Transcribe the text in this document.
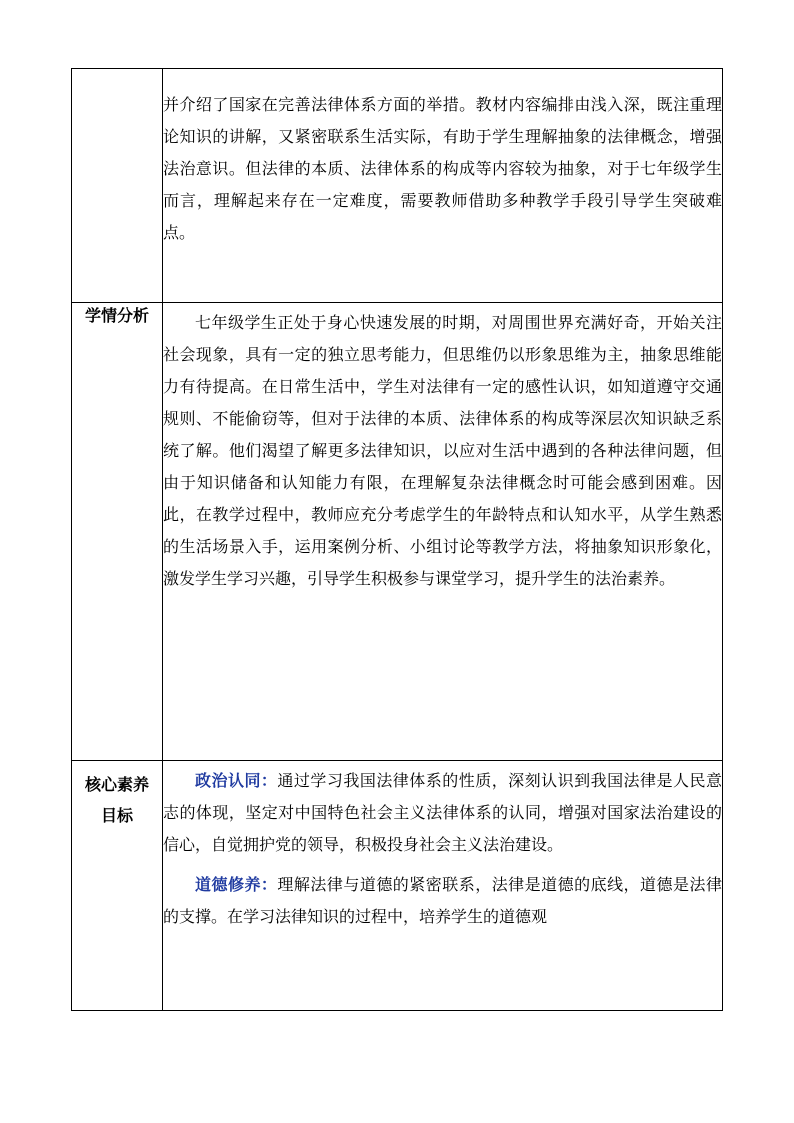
	并介绍了国家在完善法律体系方面的举措。教材内容编排由浅入深，既注重理论知识的讲解，又紧密联系生活实际，有助于学生理解抽象的法律概念，增强法治意识。但法律的本质、法律体系的构成等内容较为抽象，对于七年级学生而言，理解起来存在一定难度，需要教师借助多种教学手段引导学生突破难点。

学情分析	七年级学生正处于身心快速发展的时期，对周围世界充满好奇，开始关注社会现象，具有一定的独立思考能力，但思维仍以形象思维为主，抽象思维能力有待提高。在日常生活中，学生对法律有一定的感性认识，如知道遵守交通规则、不能偷窃等，但对于法律的本质、法律体系的构成等深层次知识缺乏系统了解。他们渴望了解更多法律知识，以应对生活中遇到的各种法律问题，但由于知识储备和认知能力有限，在理解复杂法律概念时可能会感到困难。因此，在教学过程中，教师应充分考虑学生的年龄特点和认知水平，从学生熟悉的生活场景入手，运用案例分析、小组讨论等教学方法，将抽象知识形象化，激发学生学习兴趣，引导学生积极参与课堂学习，提升学生的法治素养。

核心素养目标	政治认同：通过学习我国法律体系的性质，深刻认识到我国法律是人民意志的体现，坚定对中国特色社会主义法律体系的认同，增强对国家法治建设的信心，自觉拥护党的领导，积极投身社会主义法治建设。

道德修养：理解法律与道德的紧密联系，法律是道德的底线，道德是法律的支撑。在学习法律知识的过程中，培养学生的道德观
